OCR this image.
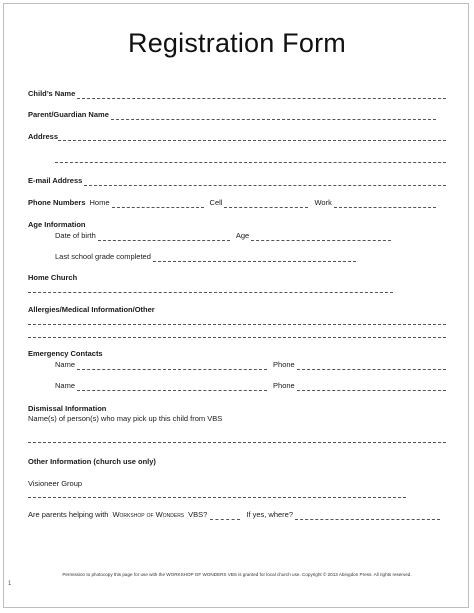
Registration Form
Child’s Name
Parent/Guardian Name
Address
E-mail Address
Phone Numbers Home	Cell	Work
Age Information
Date of birth	Age
Last school grade completed
Home Church
Allergies/Medical Information/Other
Emergency Contacts
Name	Phone
Name	Phone
Dismissal Information
Name(s) of person(s) who may pick up this child from VBS
Other Information (church use only)
Visioneer Group
Are parents helping with Workshop of Wonders VBS?	If yes, where?
Permission to photocopy this page for use with the WORKSHOP OF WONDERS VBS is granted for local church use. Copyright © 2013 Abingdon Press. All rights reserved.
1
